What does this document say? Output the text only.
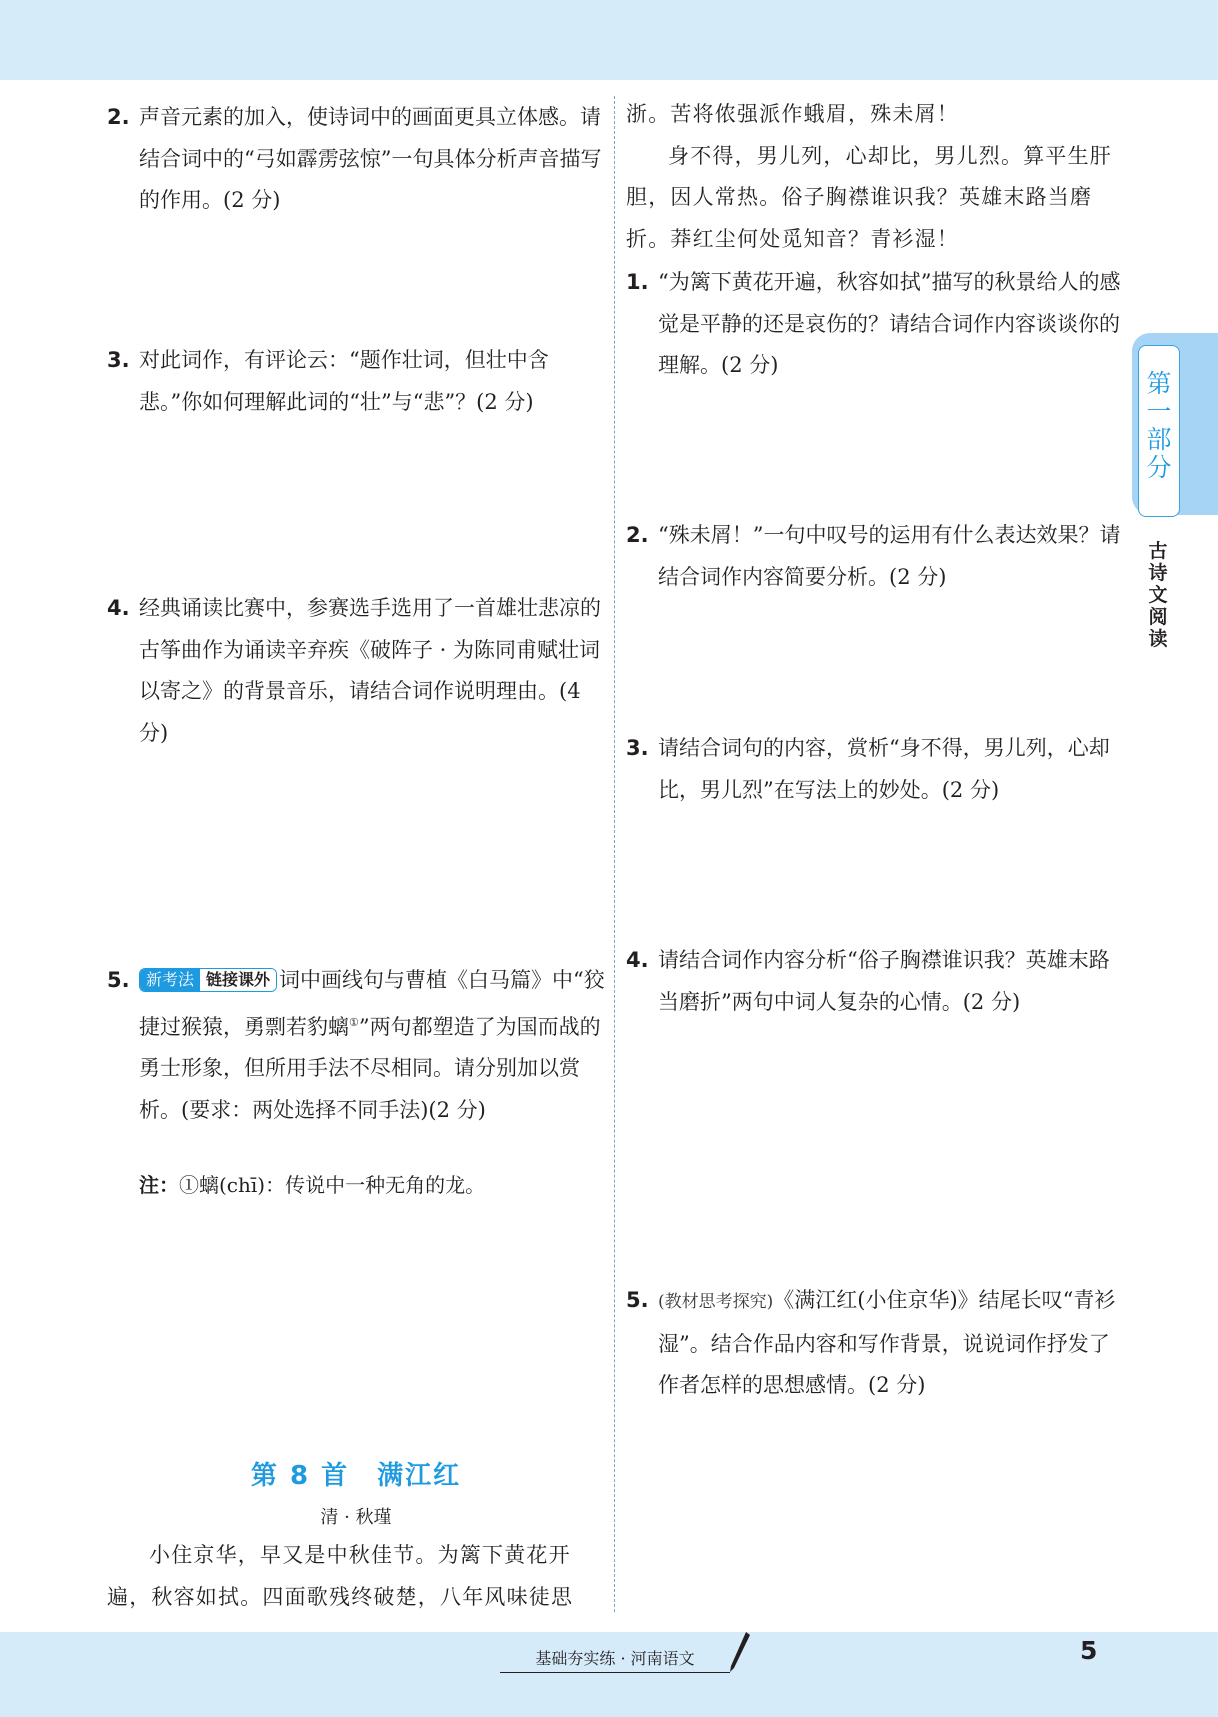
2. 声音元素的加入，使诗词中的画面更具立体感。请结合词中的“弓如霹雳弦惊”一句具体分析声音描写的作用。(2 分)
3. 对此词作，有评论云：“题作壮词，但壮中含悲。”你如何理解此词的“壮”与“悲”？(2 分)
4. 经典诵读比赛中，参赛选手选用了一首雄壮悲凉的古筝曲作为诵读辛弃疾《破阵子 · 为陈同甫赋壮词以寄之》的背景音乐，请结合词作说明理由。(4 分)
5.	新考法 链接课外 词中画线句与曹植《白马篇》中“狡捷过猴猿，勇剽若豹螭①”两句都塑造了为国而战的勇士形象，但所用手法不尽相同。请分别加以赏析。(要求：两处选择不同手法)(2 分)
注：①螭(chī)：传说中一种无角的龙。
第 8 首　满江红
清 · 秋瑾

小住京华，早又是中秋佳节。为篱下黄花开遍，秋容如拭。四面歌残终破楚，八年风味徒思

浙。苦将侬强派作蛾眉，殊未屑！

身不得，男儿列，心却比，男儿烈。算平生肝胆，因人常热。俗子胸襟谁识我？英雄末路当磨折。莽红尘何处觅知音？青衫湿！

1. “为篱下黄花开遍，秋容如拭”描写的秋景给人的感觉是平静的还是哀伤的？请结合词作内容谈谈你的理解。(2 分)
2. “殊未屑！”一句中叹号的运用有什么表达效果？请结合词作内容简要分析。(2 分)
3. 请结合词句的内容，赏析“身不得，男儿列，心却比，男儿烈”在写法上的妙处。(2 分)
4. 请结合词作内容分析“俗子胸襟谁识我？英雄末路当磨折”两句中词人复杂的心情。(2 分)
5. (教材思考探究)《满江红(小住京华)》结尾长叹“青衫湿”。结合作品内容和写作背景，说说词作抒发了作者怎样的思想感情。(2 分)
第
一
部
分
古
诗
文
阅
读
基础夯实练 · 河南语文	5
